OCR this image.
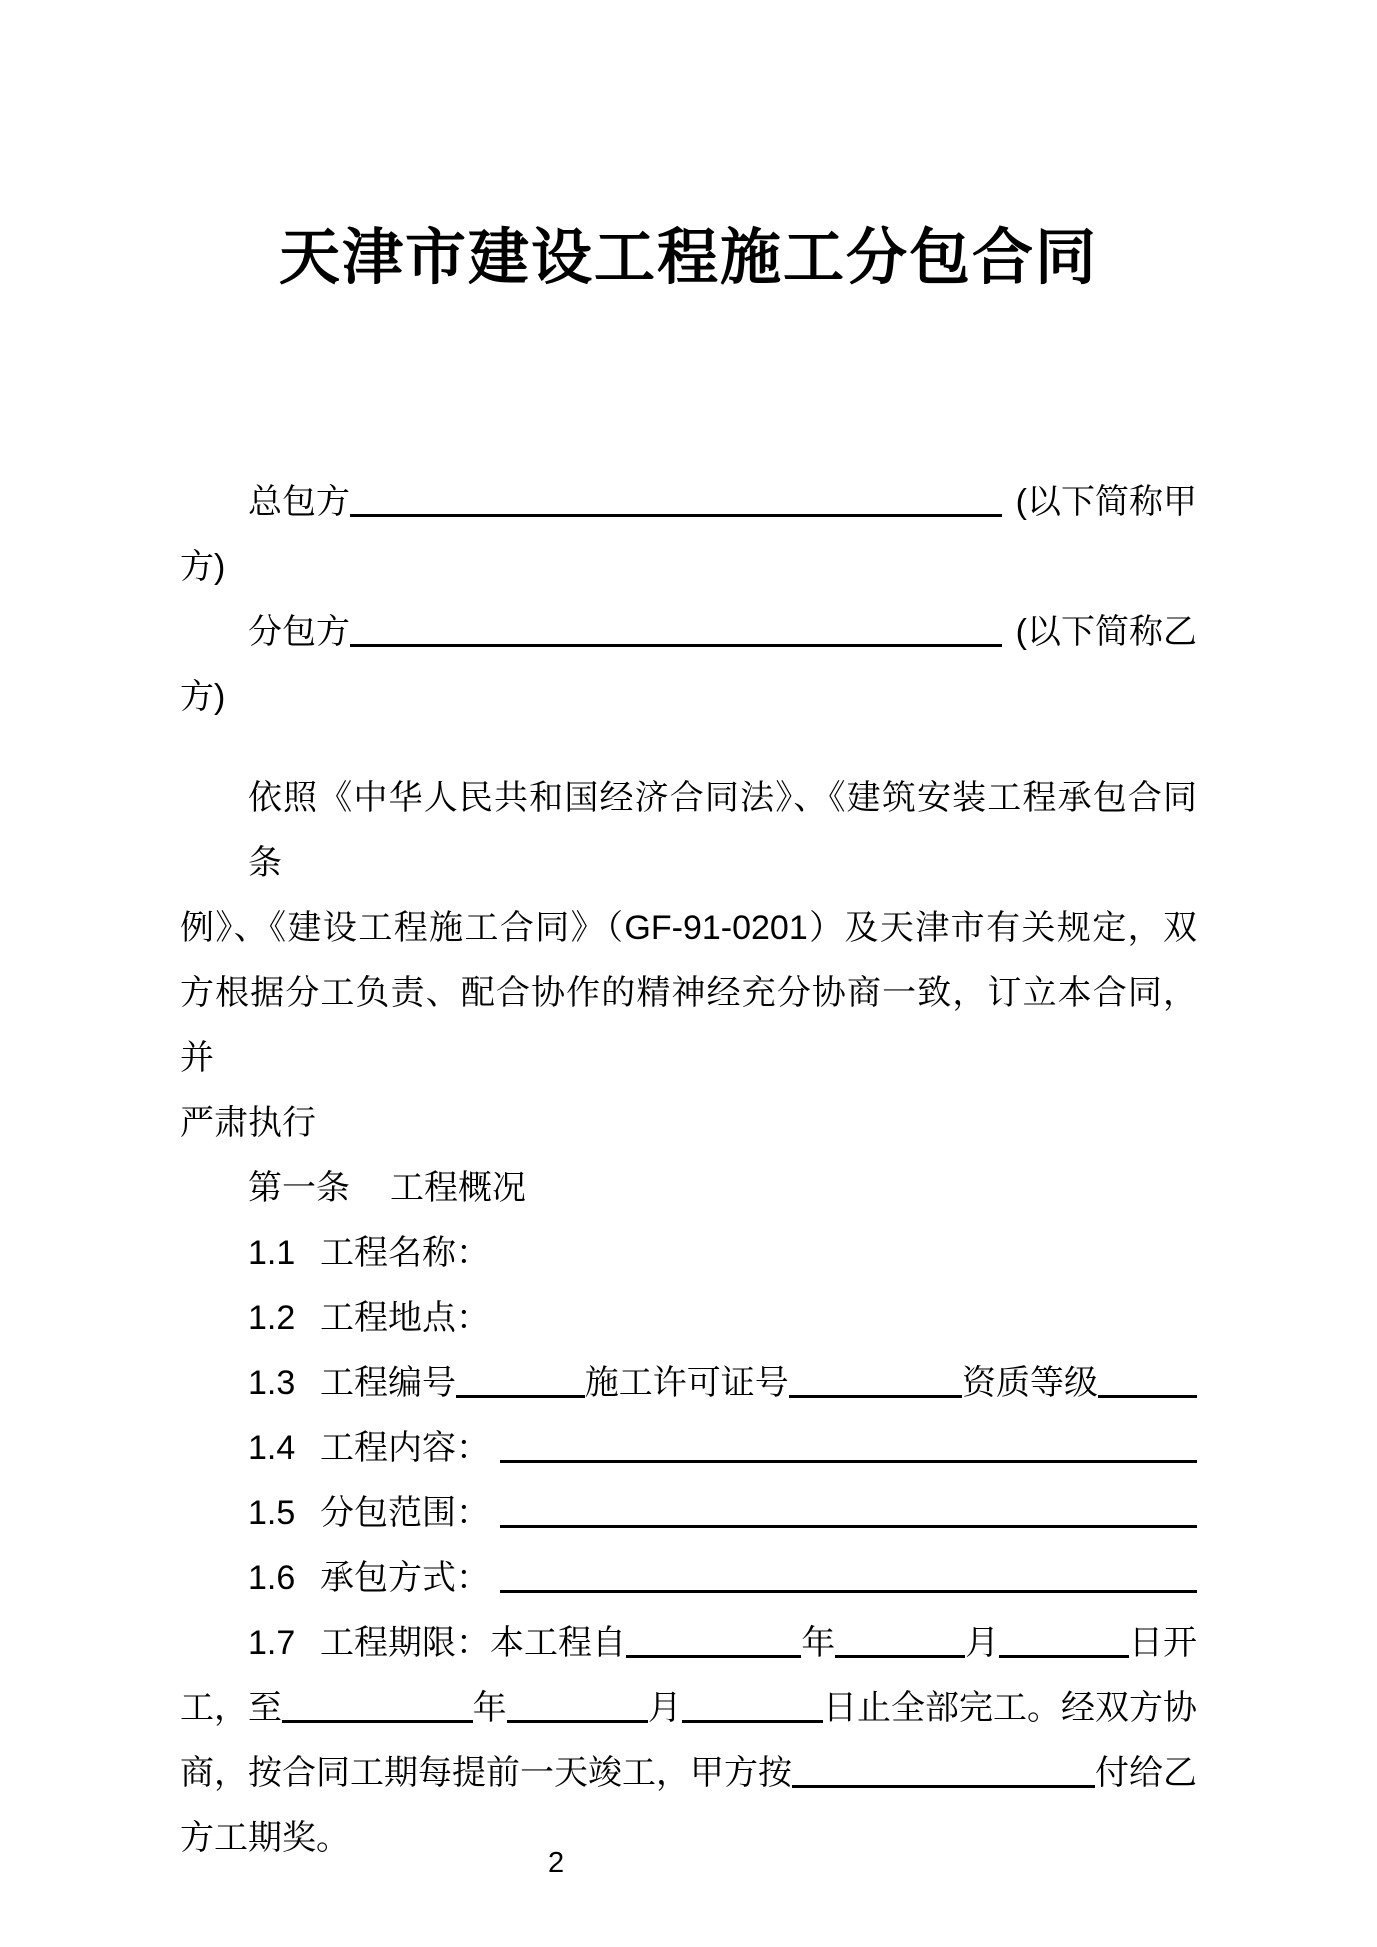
天津市建设工程施工分包合同
总包方	(以下简称甲
方)
分包方	(以下简称乙
方)
依照《中华人民共和国经济合同法》、《建筑安装工程承包合同条
例》、《建设工程施工合同》（GF-91-0201）及天津市有关规定，双
方根据分工负责、配合协作的精神经充分协商一致，订立本合同，并
严肃执行
第一条 工程概况
1.1 工程名称：
1.2 工程地点：
1.3 工程编号	施工许可证号	资质等级
1.4 工程内容：
1.5 分包范围：
1.6 承包方式：
1.7 工程期限：本工程自	年	月	日开
工，至	年	月	日止全部完工。经双方协
商，按合同工期每提前一天竣工，甲方按	付给乙
方工期奖。
2
